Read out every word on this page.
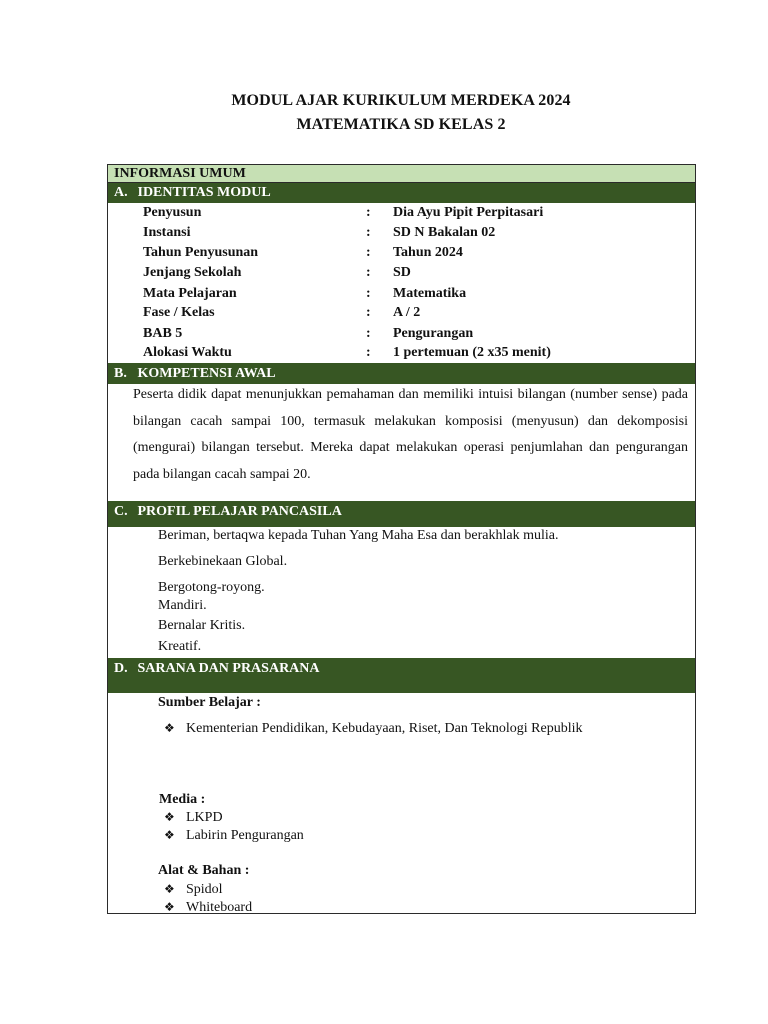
MODUL AJAR KURIKULUM MERDEKA 2024
MATEMATIKA SD KELAS 2
INFORMASI UMUM
A. IDENTITAS MODUL
Penyusun	: Dia Ayu Pipit Perpitasari
Instansi	: SD N Bakalan 02
Tahun Penyusunan	: Tahun 2024
Jenjang Sekolah	: SD
Mata Pelajaran	: Matematika
Fase / Kelas	: A / 2
BAB 5	: Pengurangan
Alokasi Waktu	: 1 pertemuan (2 x35 menit)
B. KOMPETENSI AWAL
Peserta didik dapat menunjukkan pemahaman dan memiliki intuisi bilangan (number sense) pada bilangan cacah sampai 100, termasuk melakukan komposisi (menyusun) dan dekomposisi (mengurai) bilangan tersebut. Mereka dapat melakukan operasi penjumlahan dan pengurangan pada bilangan cacah sampai 20.
C. PROFIL PELAJAR PANCASILA
Beriman, bertaqwa kepada Tuhan Yang Maha Esa dan berakhlak mulia.
Berkebinekaan Global.
Bergotong-royong.
Mandiri.
Bernalar Kritis.
Kreatif.
D. SARANA DAN PRASARANA
Sumber Belajar :
❖ Kementerian Pendidikan, Kebudayaan, Riset, Dan Teknologi Republik
Media :
❖ LKPD
❖ Labirin Pengurangan
Alat & Bahan :
❖ Spidol
❖ Whiteboard
